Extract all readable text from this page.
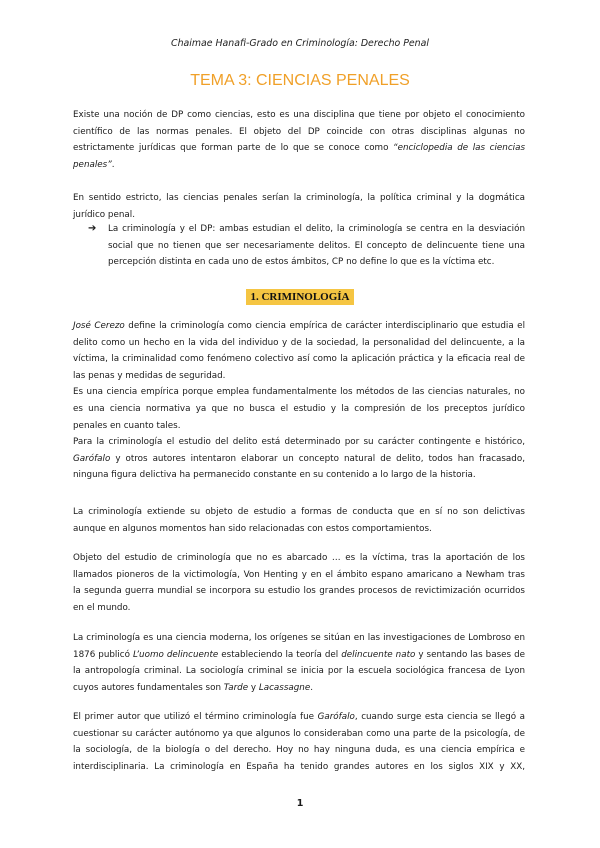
Chaimae Hanafi-Grado en Criminología: Derecho Penal
TEMA 3: CIENCIAS PENALES
Existe una noción de DP como ciencias, esto es una disciplina que tiene por objeto el conocimiento
científico de las normas penales. El objeto del DP coincide con otras disciplinas algunas no
estrictamente jurídicas que forman parte de lo que se conoce como “enciclopedia de las ciencias
penales”.
En sentido estricto, las ciencias penales serían la criminología, la política criminal y la dogmática
jurídico penal.
➔ La criminología y el DP: ambas estudian el delito, la criminología se centra en la desviación
social que no tienen que ser necesariamente delitos. El concepto de delincuente tiene una
percepción distinta en cada uno de estos ámbitos, CP no define lo que es la víctima etc.
1. CRIMINOLOGÍA
José Cerezo define la criminología como ciencia empírica de carácter interdisciplinario que estudia el
delito como un hecho en la vida del individuo y de la sociedad, la personalidad del delincuente, a la
víctima, la criminalidad como fenómeno colectivo así como la aplicación práctica y la eficacia real de
las penas y medidas de seguridad.
Es una ciencia empírica porque emplea fundamentalmente los métodos de las ciencias naturales, no
es una ciencia normativa ya que no busca el estudio y la compresión de los preceptos jurídico
penales en cuanto tales.
Para la criminología el estudio del delito está determinado por su carácter contingente e histórico,
Garófalo y otros autores intentaron elaborar un concepto natural de delito, todos han fracasado,
ninguna figura delictiva ha permanecido constante en su contenido a lo largo de la historia.
La criminología extiende su objeto de estudio a formas de conducta que en sí no son delictivas
aunque en algunos momentos han sido relacionadas con estos comportamientos.
Objeto del estudio de criminología que no es abarcado … es la víctima, tras la aportación de los
llamados pioneros de la victimología, Von Henting y en el ámbito espano amaricano a Newham tras
la segunda guerra mundial se incorpora su estudio los grandes procesos de revictimización ocurridos
en el mundo.
La criminología es una ciencia moderna, los orígenes se sitúan en las investigaciones de Lombroso en
1876 publicó L’uomo delincuente estableciendo la teoría del delincuente nato y sentando las bases de
la antropología criminal. La sociología criminal se inicia por la escuela sociológica francesa de Lyon
cuyos autores fundamentales son Tarde y Lacassagne.
El primer autor que utilizó el término criminología fue Garófalo, cuando surge esta ciencia se llegó a
cuestionar su carácter autónomo ya que algunos lo consideraban como una parte de la psicología, de
la sociología, de la biología o del derecho. Hoy no hay ninguna duda, es una ciencia empírica e
interdisciplinaria. La criminología en España ha tenido grandes autores en los siglos XIX y XX,
1
